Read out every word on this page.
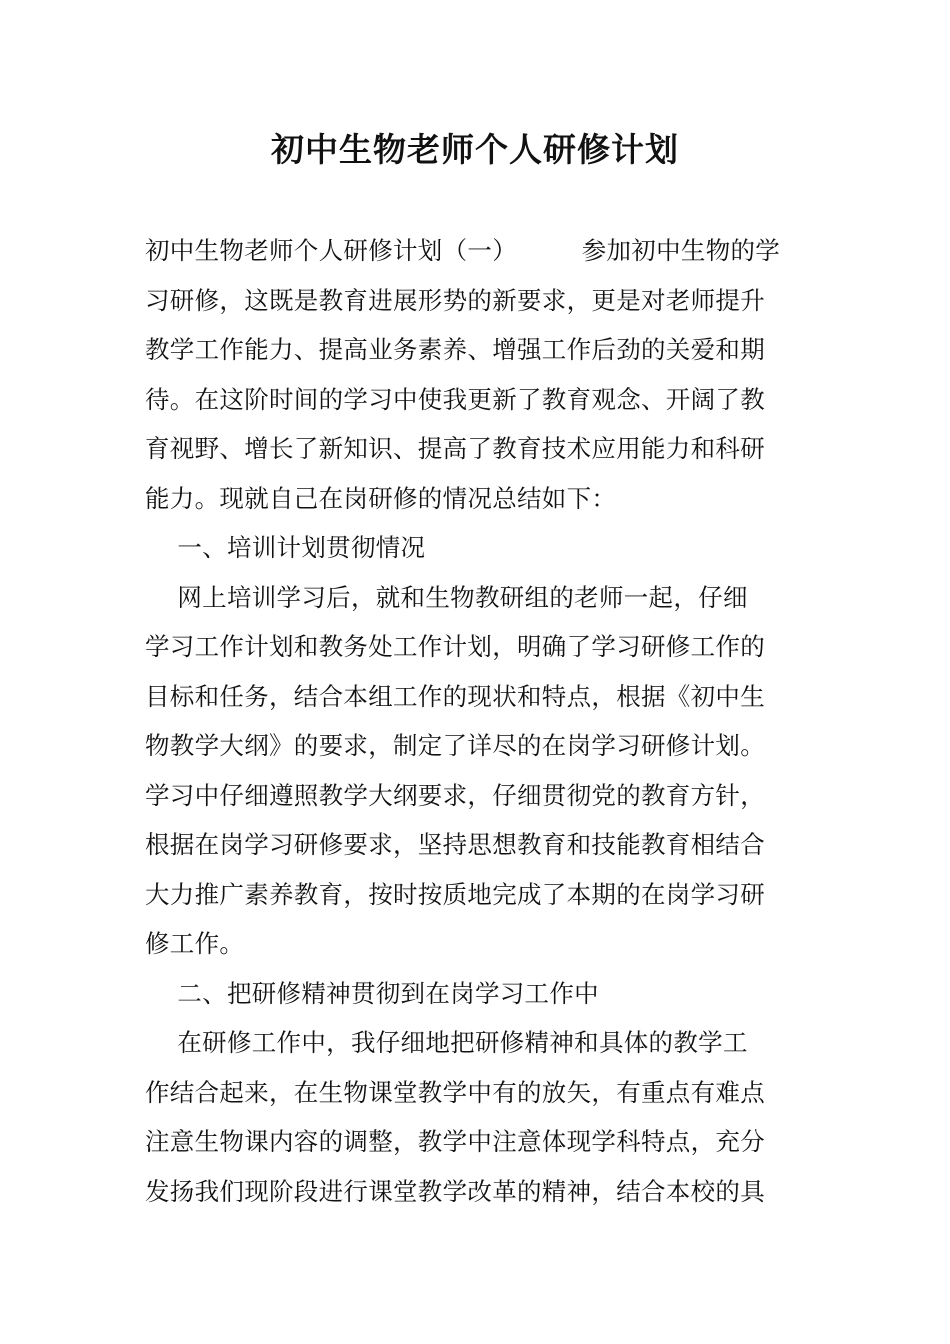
初中生物老师个人研修计划
初中生物老师个人研修计划（一）        参加初中生物的学
习研修，这既是教育进展形势的新要求，更是对老师提升
教学工作能力、提高业务素养、增强工作后劲的关爱和期
待。在这阶时间的学习中使我更新了教育观念、开阔了教
育视野、增长了新知识、提高了教育技术应用能力和科研
能力。现就自己在岗研修的情况总结如下：
一、培训计划贯彻情况
网上培训学习后，就和生物教研组的老师一起，仔细
学习工作计划和教务处工作计划，明确了学习研修工作的
目标和任务，结合本组工作的现状和特点，根据《初中生
物教学大纲》的要求，制定了详尽的在岗学习研修计划。
学习中仔细遵照教学大纲要求，仔细贯彻党的教育方针，
根据在岗学习研修要求，坚持思想教育和技能教育相结合
大力推广素养教育，按时按质地完成了本期的在岗学习研
修工作。
二、把研修精神贯彻到在岗学习工作中
在研修工作中，我仔细地把研修精神和具体的教学工
作结合起来，在生物课堂教学中有的放矢，有重点有难点
注意生物课内容的调整，教学中注意体现学科特点，充分
发扬我们现阶段进行课堂教学改革的精神，结合本校的具
